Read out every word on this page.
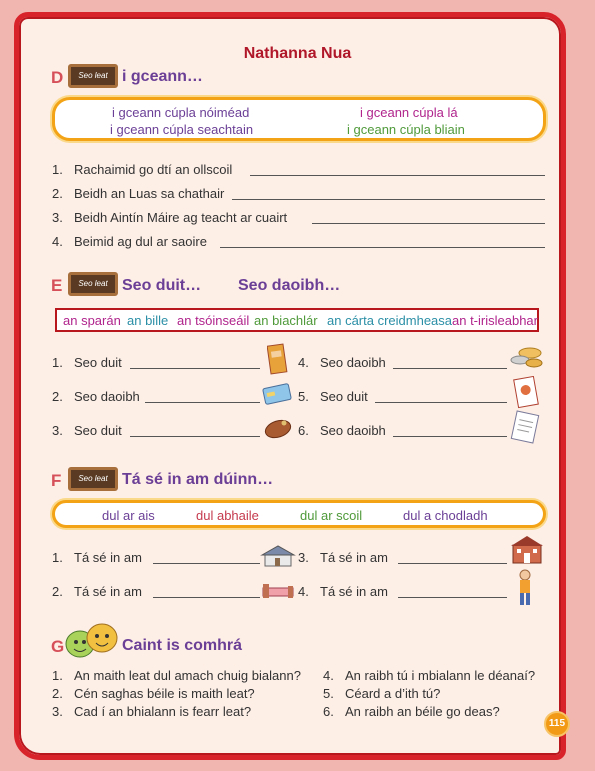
Nathanna Nua
D	Seo leat i gceann…
i gceann cúpla nóiméad	i gceann cúpla lá
i gceann cúpla seachtain	i gceann cúpla bliain
1. Rachaimid go dtí an ollscoil
2. Beidh an Luas sa chathair
3. Beidh Aintín Máire ag teacht ar cuairt
4. Beimid ag dul ar saoire
E	Seo leat Seo duit… Seo daoibh…
an sparán an bille an tsóinseáil an biachlár an cárta creidmheasa an t-irisleabhar
1. Seo duit
2. Seo daoibh
3. Seo duit
4. Seo daoibh
5. Seo duit
6. Seo daoibh
F	Seo leat Tá sé in am dúinn…
dul ar ais	dul abhaile	dul ar scoil	dul a chodladh
1. Tá sé in am
2. Tá sé in am
3. Tá sé in am
4. Tá sé in am
G	Caint is comhrá
1. An maith leat dul amach chuig bialann?
2. Cén saghas béile is maith leat?
3. Cad í an bhialann is fearr leat?
4. An raibh tú i mbialann le déanaí?
5. Céard a d’ith tú?
6. An raibh an béile go deas?
115
